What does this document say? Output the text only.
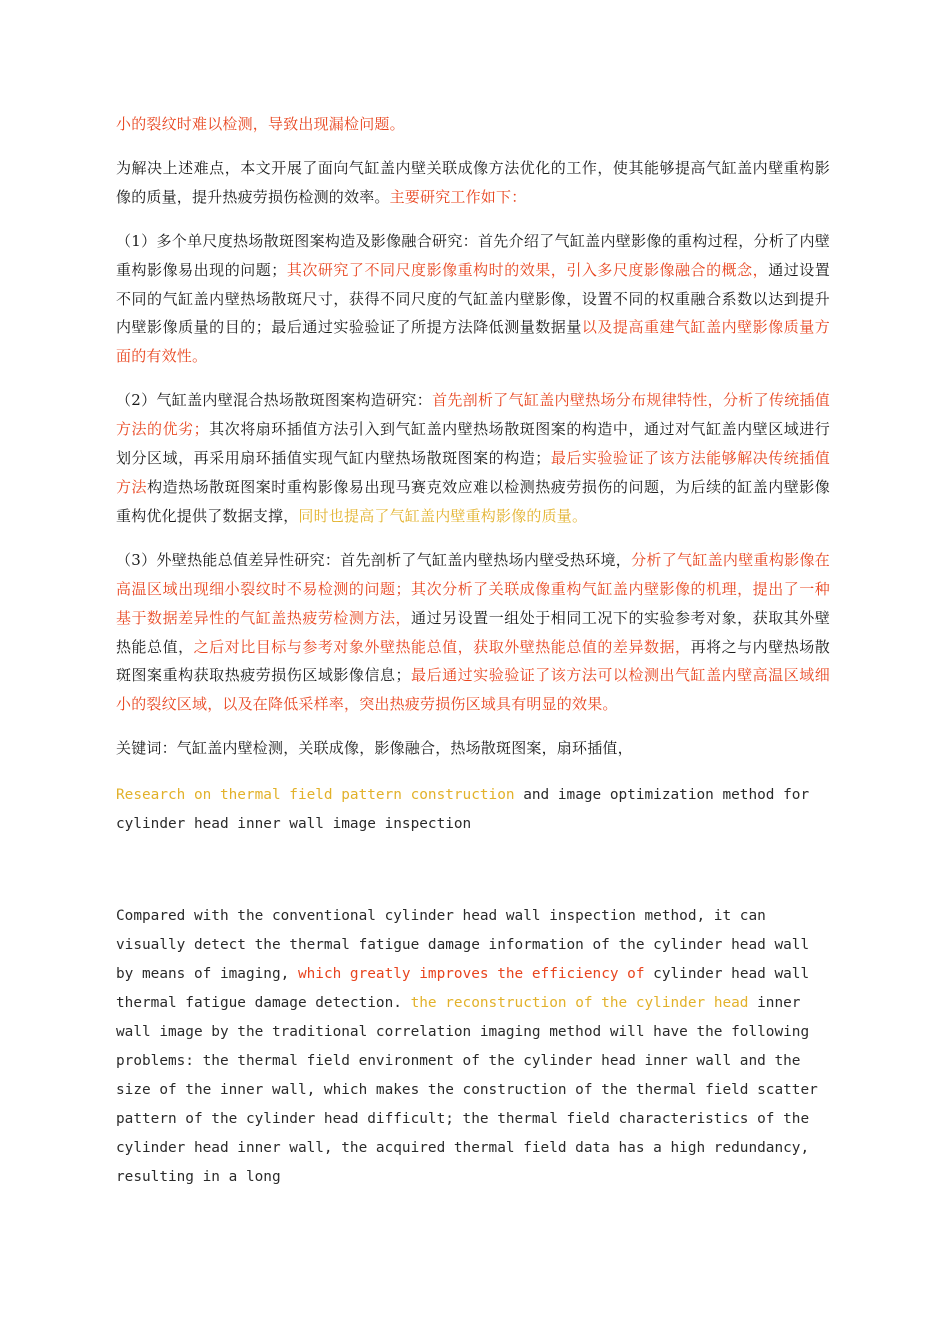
小的裂纹时难以检测，导致出现漏检问题。

为解决上述难点，本文开展了面向气缸盖内壁关联成像方法优化的工作，使其能够提高气缸盖内壁重构影像的质量，提升热疲劳损伤检测的效率。主要研究工作如下：

（1）多个单尺度热场散斑图案构造及影像融合研究：首先介绍了气缸盖内壁影像的重构过程，分析了内壁重构影像易出现的问题；其次研究了不同尺度影像重构时的效果，引入多尺度影像融合的概念，通过设置不同的气缸盖内壁热场散斑尺寸，获得不同尺度的气缸盖内壁影像，设置不同的权重融合系数以达到提升内壁影像质量的目的；最后通过实验验证了所提方法降低测量数据量以及提高重建气缸盖内壁影像质量方面的有效性。

（2）气缸盖内壁混合热场散斑图案构造研究：首先剖析了气缸盖内壁热场分布规律特性，分析了传统插值方法的优劣；其次将扇环插值方法引入到气缸盖内壁热场散斑图案的构造中，通过对气缸盖内壁区域进行划分区域，再采用扇环插值实现气缸内壁热场散斑图案的构造；最后实验验证了该方法能够解决传统插值方法构造热场散斑图案时重构影像易出现马赛克效应难以检测热疲劳损伤的问题，为后续的缸盖内壁影像重构优化提供了数据支撑，同时也提高了气缸盖内壁重构影像的质量。

（3）外壁热能总值差异性研究：首先剖析了气缸盖内壁热场内壁受热环境，分析了气缸盖内壁重构影像在高温区域出现细小裂纹时不易检测的问题；其次分析了关联成像重构气缸盖内壁影像的机理，提出了一种基于数据差异性的气缸盖热疲劳检测方法，通过另设置一组处于相同工况下的实验参考对象，获取其外壁热能总值，之后对比目标与参考对象外壁热能总值，获取外壁热能总值的差异数据，再将之与内壁热场散斑图案重构获取热疲劳损伤区域影像信息；最后通过实验验证了该方法可以检测出气缸盖内壁高温区域细小的裂纹区域，以及在降低采样率，突出热疲劳损伤区域具有明显的效果。

关键词：气缸盖内壁检测，关联成像，影像融合，热场散斑图案，扇环插值，

Research on thermal field pattern construction and image optimization method for cylinder head inner wall image inspection

Compared with the conventional cylinder head wall inspection method, it can visually detect the thermal fatigue damage information of the cylinder head wall by means of imaging, which greatly improves the efficiency of cylinder head wall thermal fatigue damage detection. the reconstruction of the cylinder head inner wall image by the traditional correlation imaging method will have the following problems: the thermal field environment of the cylinder head inner wall and the size of the inner wall, which makes the construction of the thermal field scatter pattern of the cylinder head difficult; the thermal field characteristics of the cylinder head inner wall, the acquired thermal field data has a high redundancy, resulting in a long
